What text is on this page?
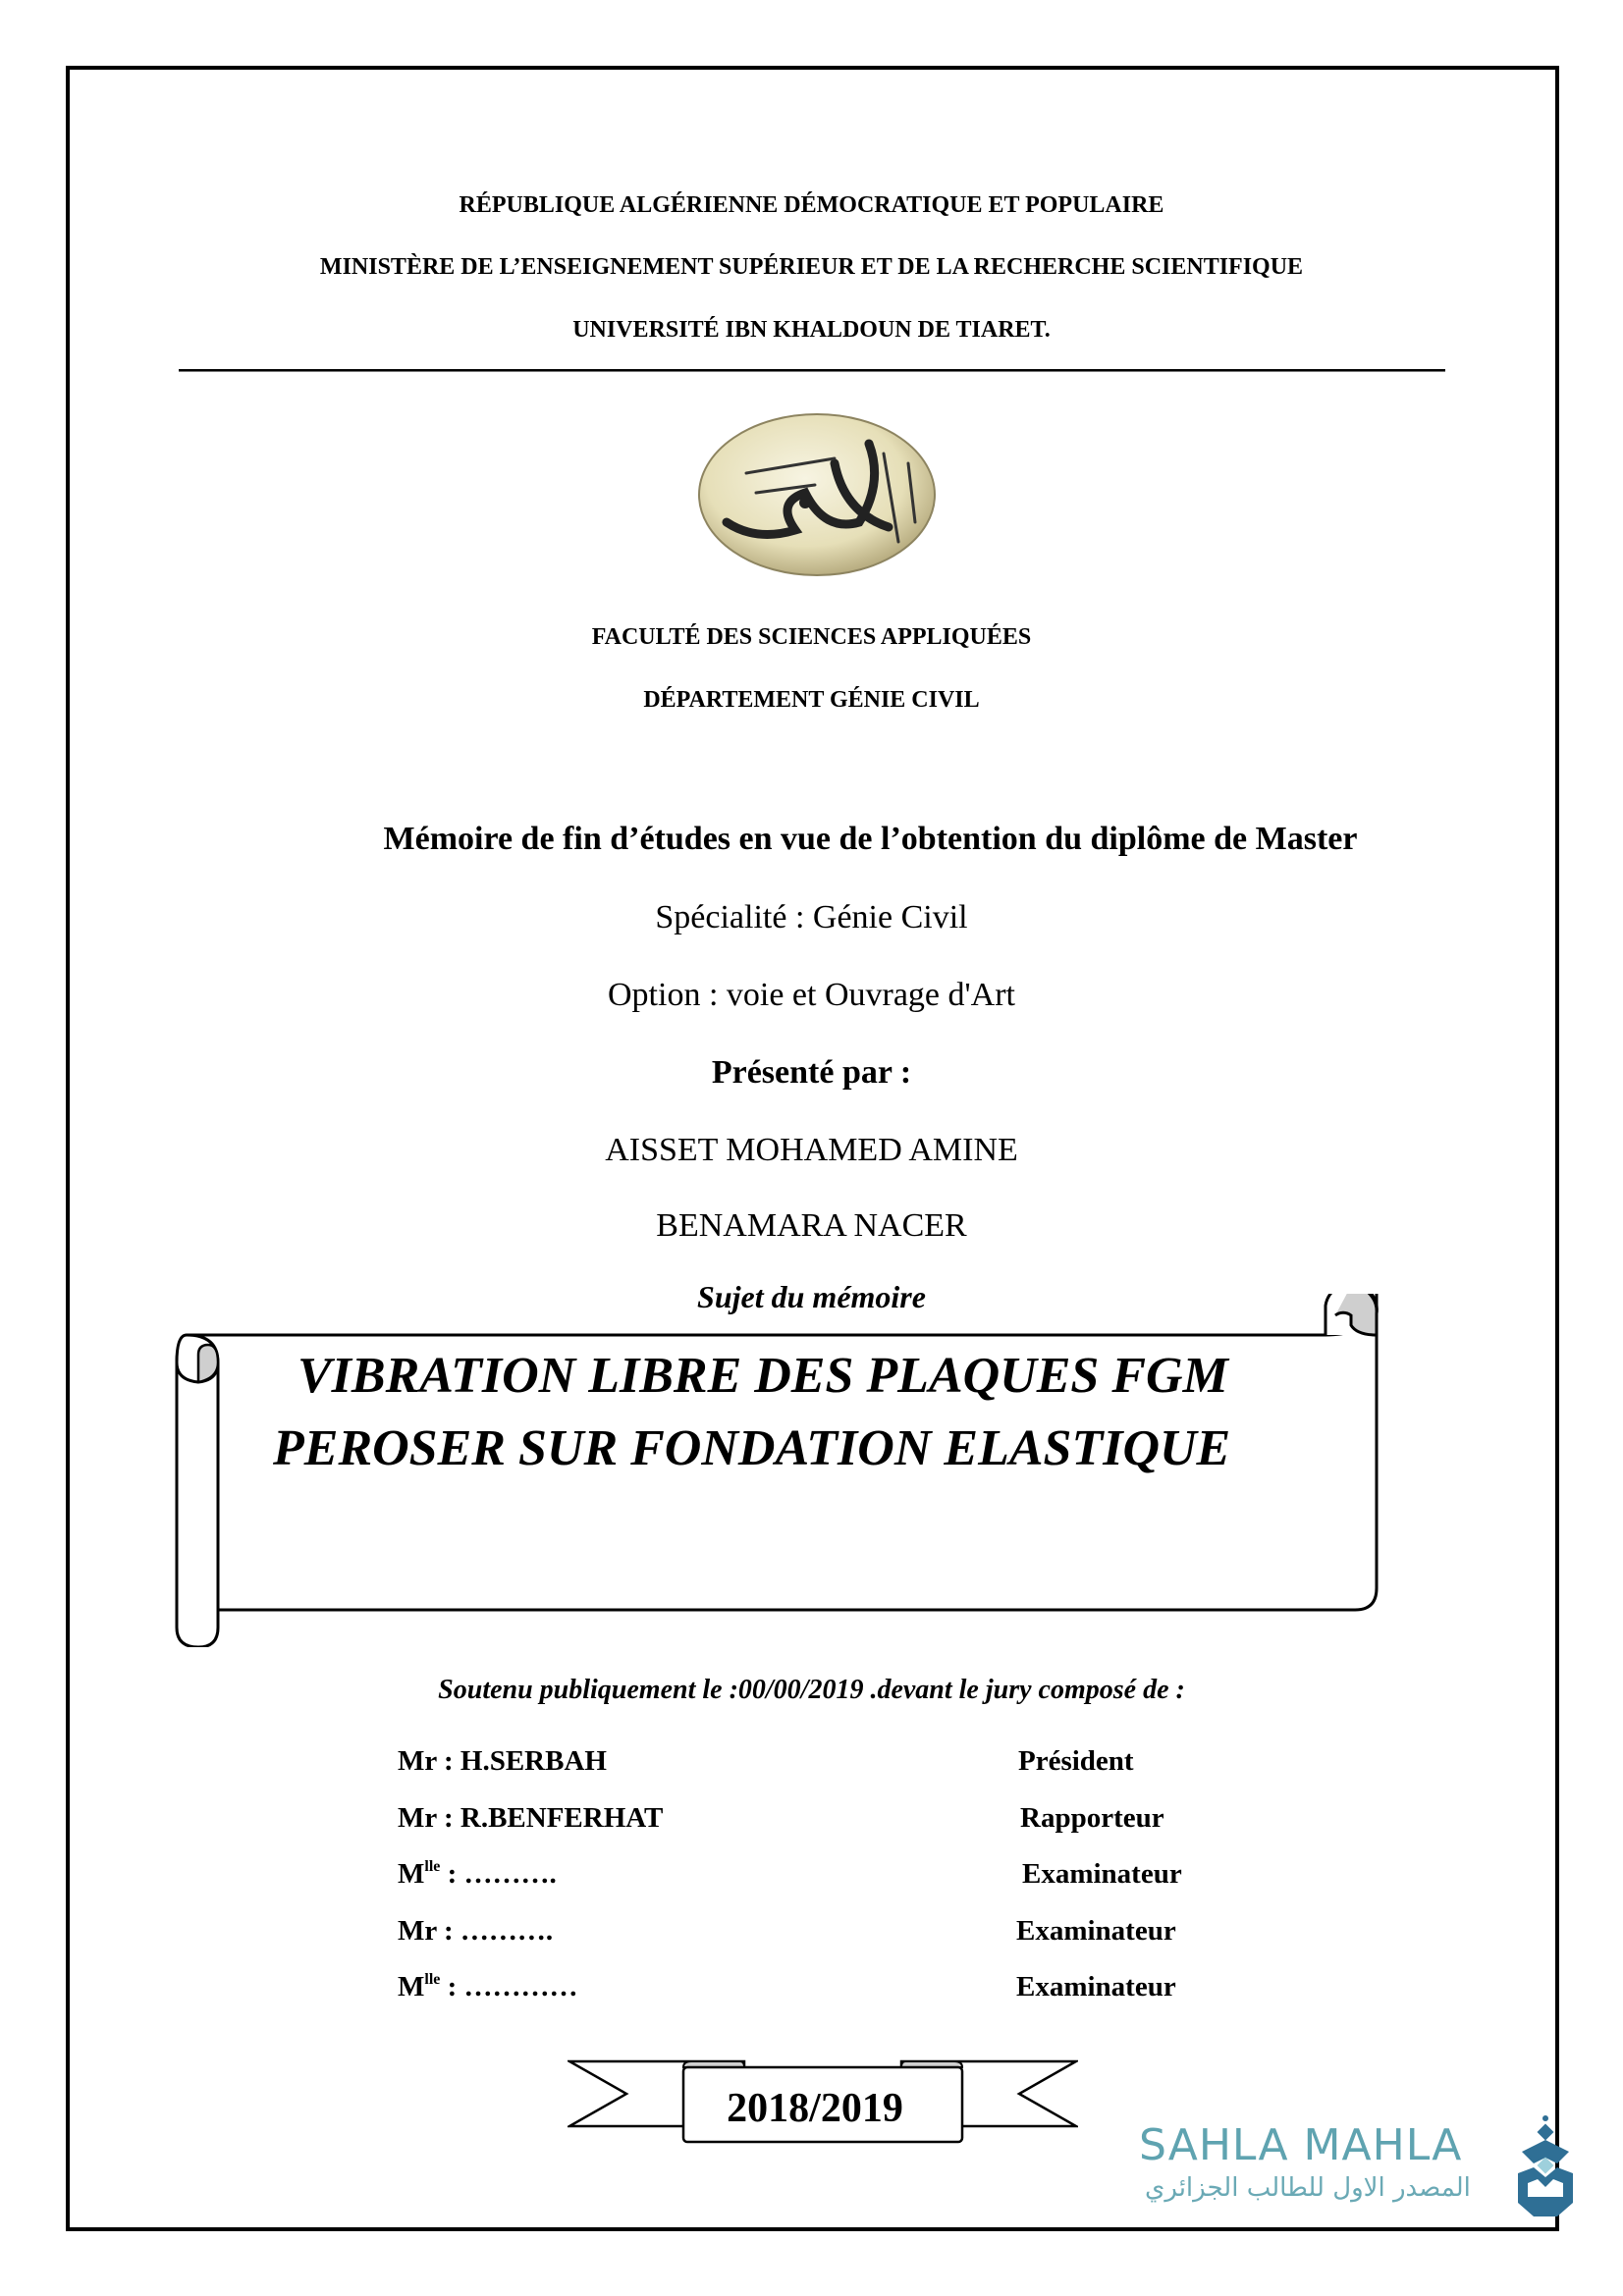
RÉPUBLIQUE ALGÉRIENNE DÉMOCRATIQUE ET POPULAIRE
MINISTÈRE DE L’ENSEIGNEMENT SUPÉRIEUR ET DE LA RECHERCHE SCIENTIFIQUE
UNIVERSITÉ IBN KHALDOUN DE TIARET.
FACULTÉ DES SCIENCES APPLIQUÉES
DÉPARTEMENT GÉNIE CIVIL
Mémoire de fin d’études en vue de l’obtention du diplôme de Master
Spécialité : Génie Civil
Option : voie et Ouvrage d'Art
Présenté par :
AISSET MOHAMED AMINE
BENAMARA NACER
Sujet du mémoire
VIBRATION LIBRE DES PLAQUES FGM
PEROSER SUR FONDATION ELASTIQUE
Soutenu publiquement le :00/00/2019 .devant le jury composé de :
Mr : H.SERBAH	Président
Mr : R.BENFERHAT	Rapporteur
$M^{lle}$ : ……….	Examinateur
Mr : ……….	Examinateur
$M^{lle}$ : …………	Examinateur
2018/2019
SAHLA MAHLA
المصدر الاول للطالب الجزائري
